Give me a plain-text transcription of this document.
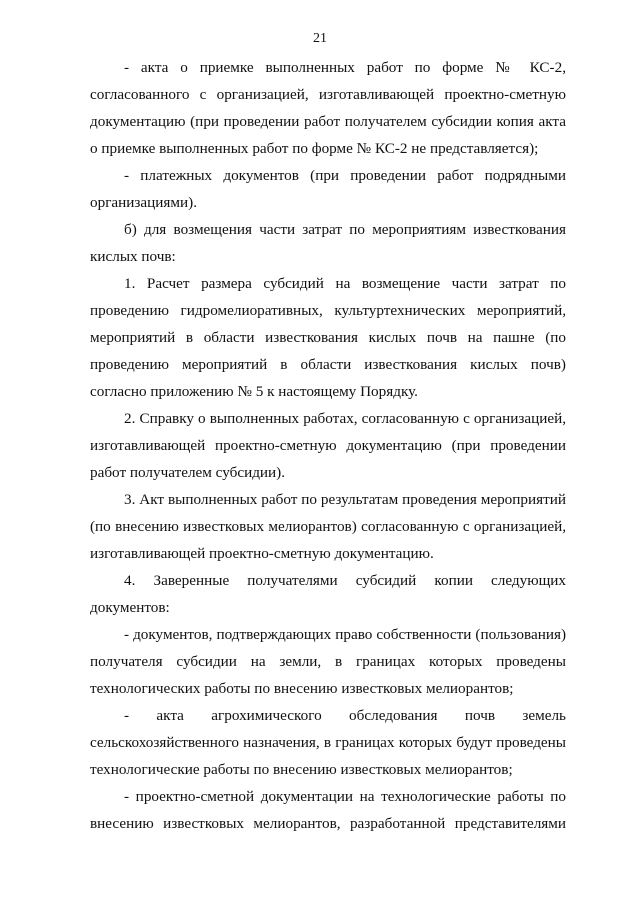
21

- акта о приемке выполненных работ по форме № КС-2, согласованного с организацией, изготавливающей проектно-сметную документацию (при проведении работ получателем субсидии копия акта о приемке выполненных работ по форме № КС-2 не представляется);

- платежных документов (при проведении работ подрядными организациями).

б) для возмещения части затрат по мероприятиям известкования кислых почв:

1. Расчет размера субсидий на возмещение части затрат по проведению гидромелиоративных, культуртехнических мероприятий, мероприятий в области известкования кислых почв на пашне (по проведению мероприятий в области известкования кислых почв) согласно приложению № 5 к настоящему Порядку.

2. Справку о выполненных работах, согласованную с организацией, изготавливающей проектно-сметную документацию (при проведении работ получателем субсидии).

3. Акт выполненных работ по результатам проведения мероприятий (по внесению известковых мелиорантов) согласованную с организацией, изготавливающей проектно-сметную документацию.

4. Заверенные получателями субсидий копии следующих документов:

- документов, подтверждающих право собственности (пользования) получателя субсидии на земли, в границах которых проведены технологических работы по внесению известковых мелиорантов;

- акта агрохимического обследования почв земель сельскохозяйственного назначения, в границах которых будут проведены технологические работы по внесению известковых мелиорантов;

- проектно-сметной документации на технологические работы по внесению известковых мелиорантов, разработанной представителями
